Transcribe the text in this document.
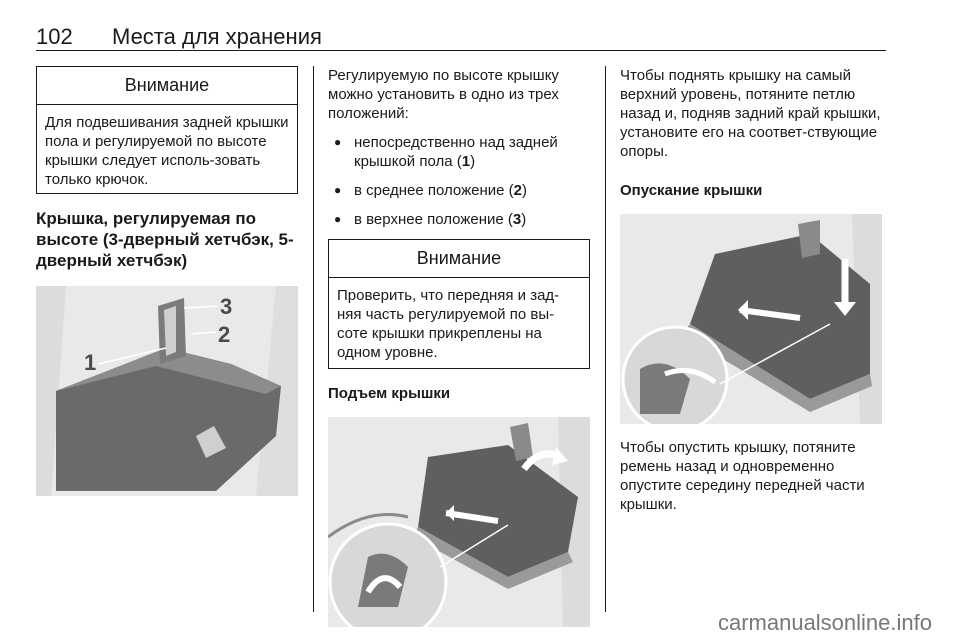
102 Места для хранения
Внимание
Для подвешивания задней крышки пола и регулируемой по высоте крышки следует исполь-зовать только крючок.
Крышка, регулируемая по высоте (3-дверный хетчбэк, 5-дверный хетчбэк)
1
2
3

Регулируемую по высоте крышку можно установить в одно из трех положений:

● непосредственно над задней крышкой пола (1)
● в среднее положение (2)
● в верхнее положение (3)
Внимание
Проверить, что передняя и зад-няя часть регулируемой по вы-соте крышки прикреплены на одном уровне.
Подъем крышки

Чтобы поднять крышку на самый верхний уровень, потяните петлю назад и, подняв задний край крышки, установите его на соответ-ствующие опоры.

Опускание крышки

Чтобы опустить крышку, потяните ремень назад и одновременно опустите середину передней части крышки.

carmanualsonline.info
